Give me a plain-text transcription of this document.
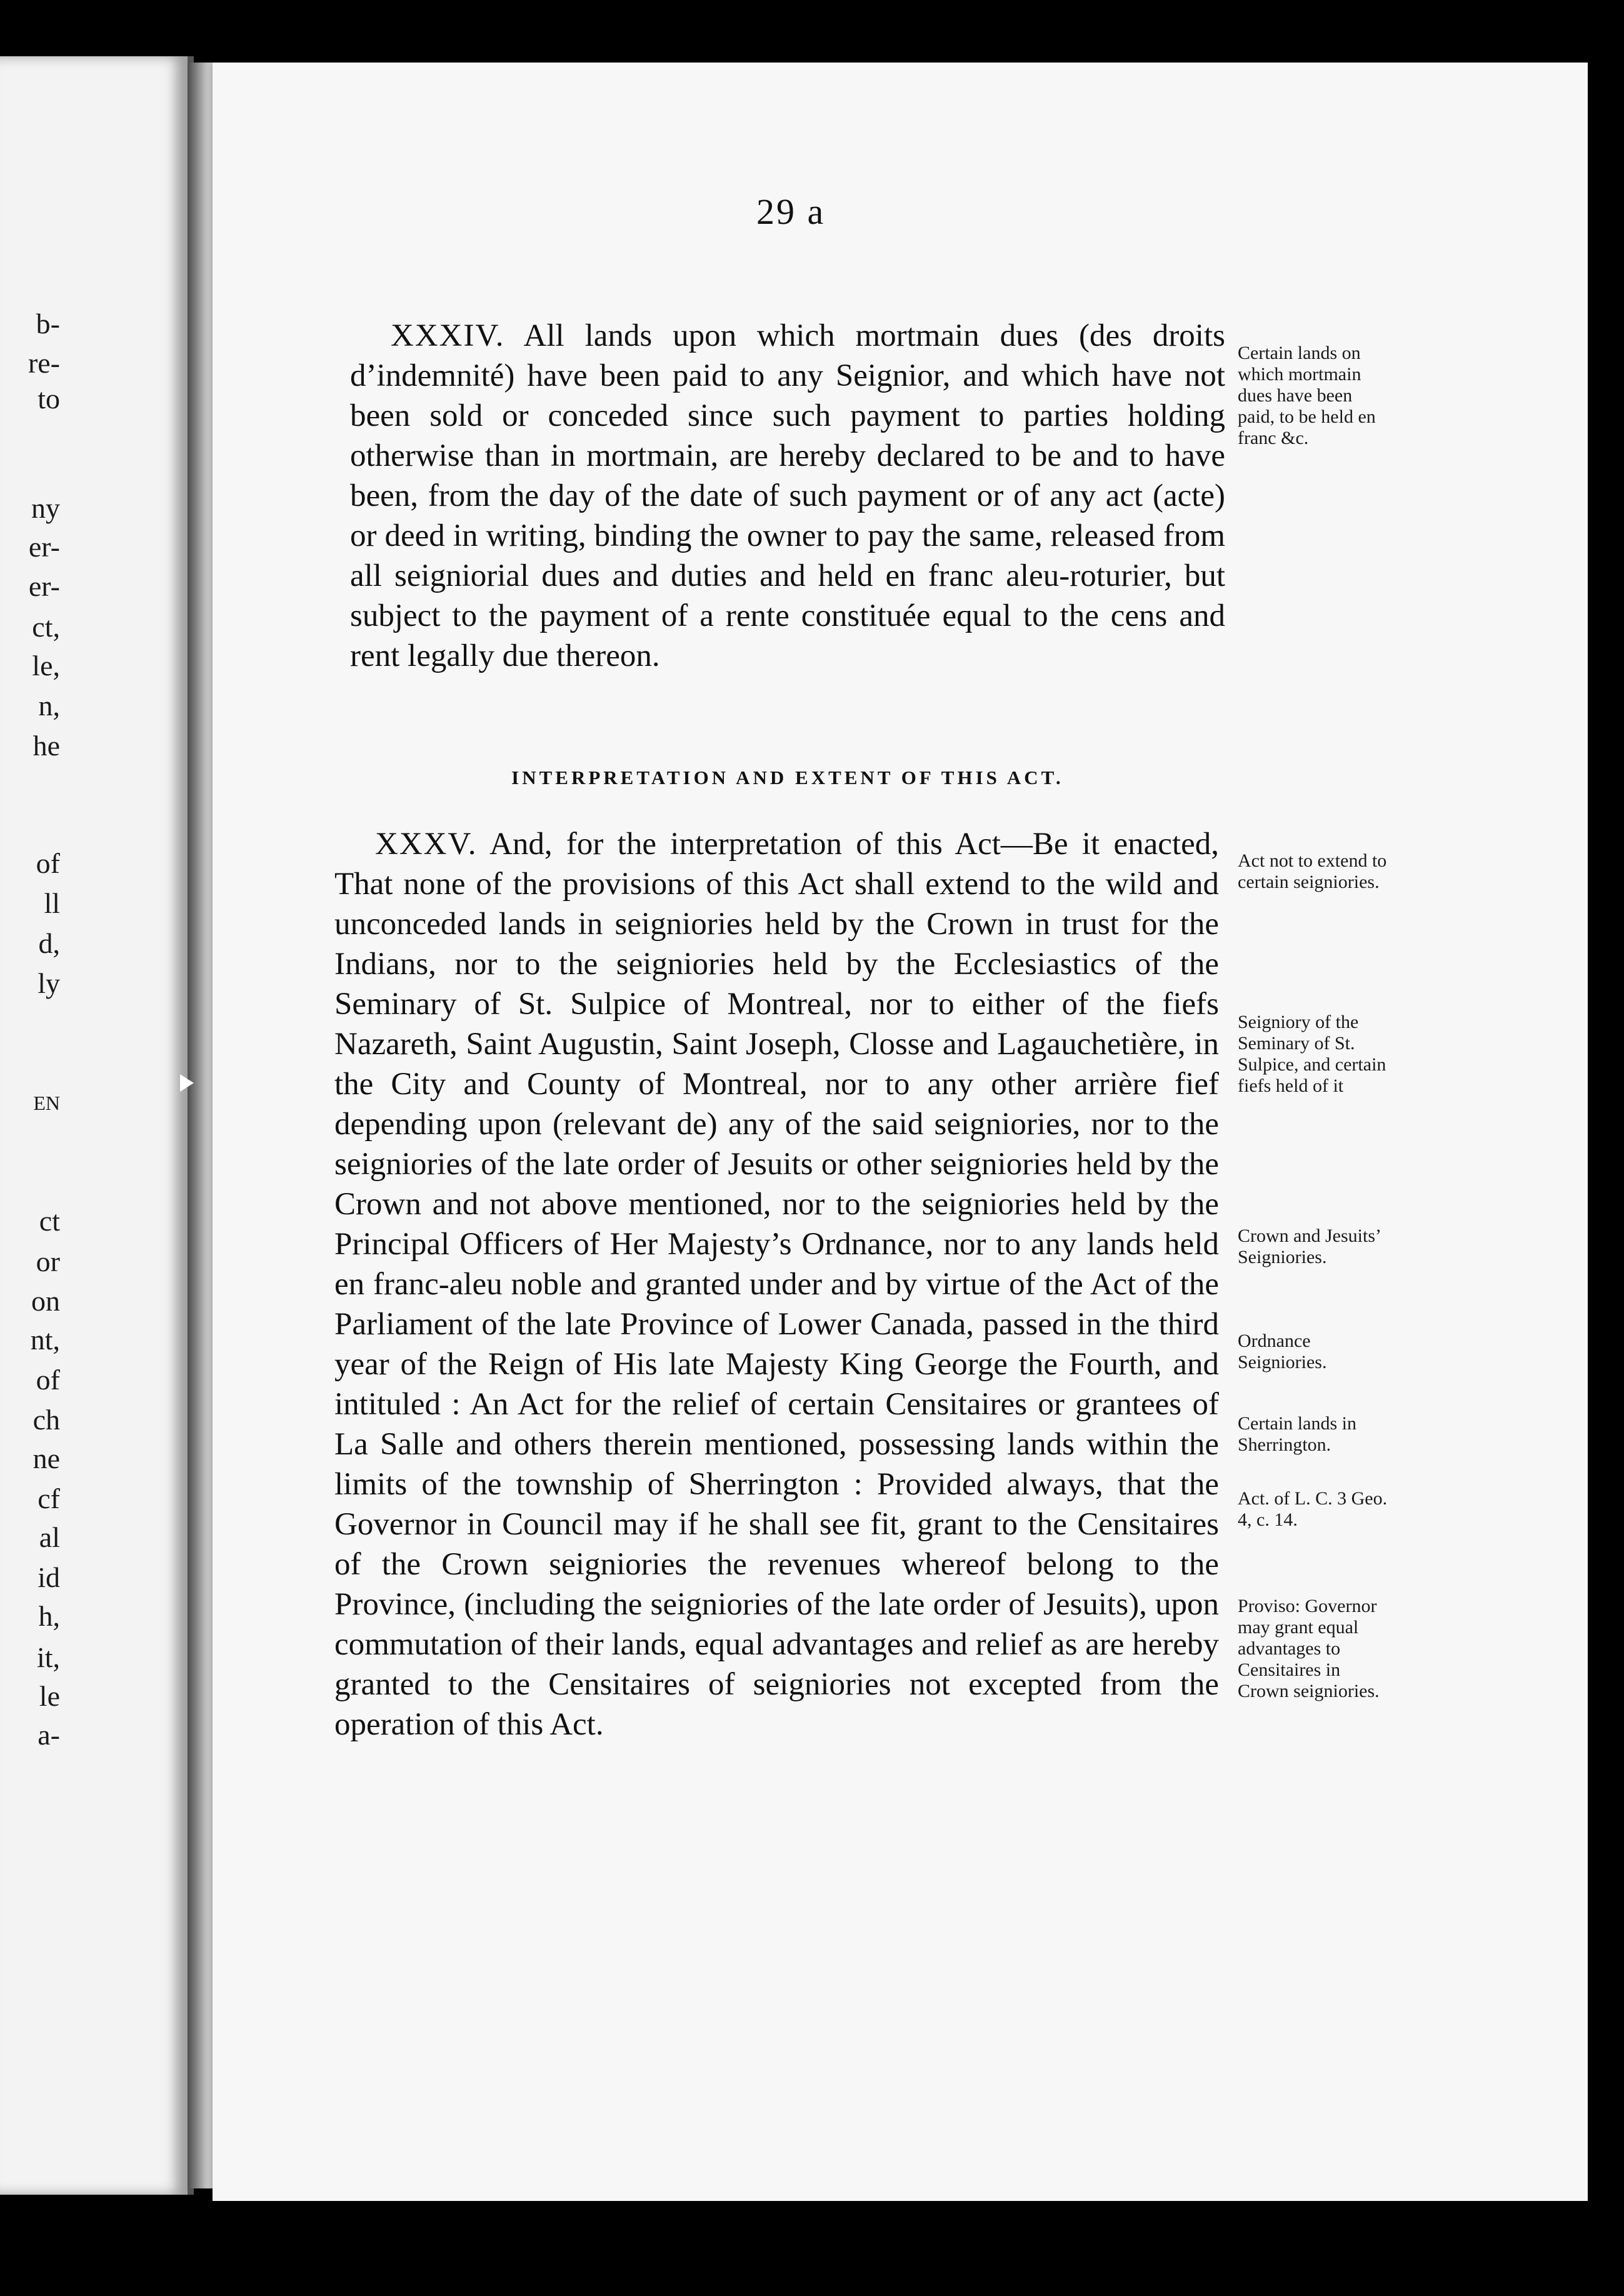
b-
re-
to
ny
er-
er-
ct,
le,
n,
he
of
ll
d,
ly
EN
ct
or
on
nt,
of
ch
ne
cf
al
id
h,
it,
le
a-
29 a

XXXIV. All lands upon which mortmain dues (des droits d’indemnité) have been paid to any Seignior, and which have not been sold or conceded since such payment to parties holding otherwise than in mortmain, are hereby declared to be and to have been, from the day of the date of such payment or of any act (acte) or deed in writing, binding the owner to pay the same, released from all seigniorial dues and duties and held en franc aleu-roturier, but subject to the payment of a rente constituée equal to the cens and rent legally due thereon.

Certain lands on which mortmain dues have been paid, to be held en franc &c.
INTERPRETATION AND EXTENT OF THIS ACT.

XXXV. And, for the interpretation of this Act—Be it enacted, That none of the provisions of this Act shall extend to the wild and unconceded lands in seigniories held by the Crown in trust for the Indians, nor to the seigniories held by the Ecclesiastics of the Seminary of St. Sulpice of Montreal, nor to either of the fiefs Nazareth, Saint Augustin, Saint Joseph, Closse and Lagauchetière, in the City and County of Montreal, nor to any other arrière fief depending upon (relevant de) any of the said seigniories, nor to the seigniories of the late order of Jesuits or other seigniories held by the Crown and not above mentioned, nor to the seigniories held by the Principal Officers of Her Majesty’s Ordnance, nor to any lands held en franc-aleu noble and granted under and by virtue of the Act of the Parliament of the late Province of Lower Canada, passed in the third year of the Reign of His late Majesty King George the Fourth, and intituled : An Act for the relief of certain Censitaires or grantees of La Salle and others therein mentioned, possessing lands within the limits of the township of Sherrington : Provided always, that the Governor in Council may if he shall see fit, grant to the Censitaires of the Crown seigniories the revenues whereof belong to the Province, (including the seigniories of the late order of Jesuits), upon commutation of their lands, equal advantages and relief as are hereby granted to the Censitaires of seigniories not excepted from the operation of this Act.

Act not to extend to certain seigniories.
Seigniory of the Seminary of St. Sulpice, and certain fiefs held of it
Crown and Jesuits’ Seigniories.
Ordnance Seigniories.
Certain lands in Sherrington.
Act. of L. C. 3 Geo. 4, c. 14.
Proviso: Governor may grant equal advantages to Censitaires in Crown seigniories.
